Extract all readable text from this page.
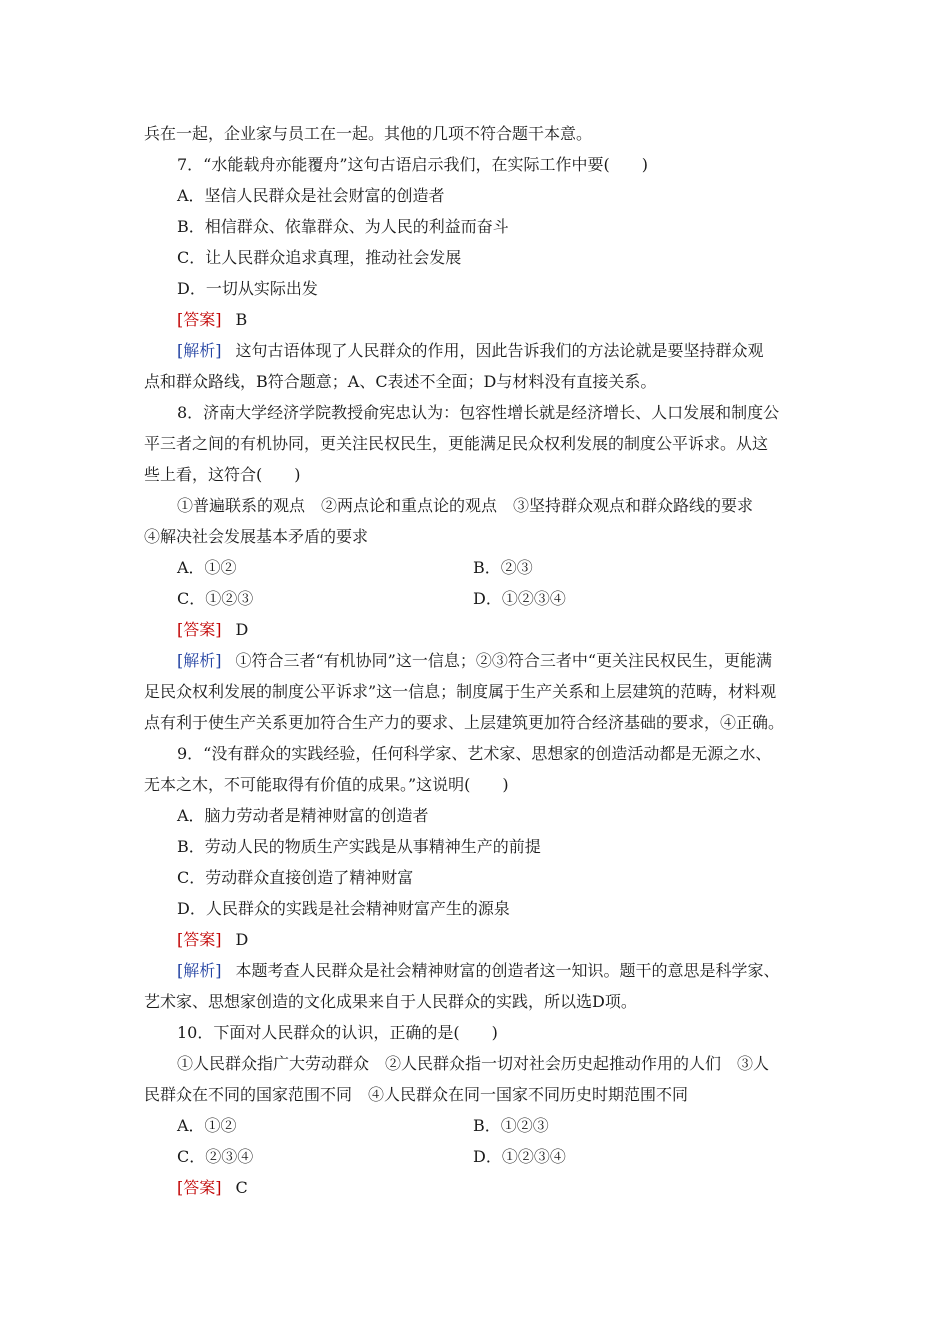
兵在一起，企业家与员工在一起。其他的几项不符合题干本意。
7．“水能载舟亦能覆舟”这句古语启示我们，在实际工作中要(　　)
A．坚信人民群众是社会财富的创造者
B．相信群众、依靠群众、为人民的利益而奋斗
C．让人民群众追求真理，推动社会发展
D．一切从实际出发
[答案] B
[解析] 这句古语体现了人民群众的作用，因此告诉我们的方法论就是要坚持群众观
点和群众路线，B符合题意；A、C表述不全面；D与材料没有直接关系。
8．济南大学经济学院教授俞宪忠认为：包容性增长就是经济增长、人口发展和制度公
平三者之间的有机协同，更关注民权民生，更能满足民众权利发展的制度公平诉求。从这
些上看，这符合(　　)
①普遍联系的观点　②两点论和重点论的观点　③坚持群众观点和群众路线的要求
④解决社会发展基本矛盾的要求
A．①②	B．②③
C．①②③	D．①②③④
[答案] D
[解析] ①符合三者“有机协同”这一信息；②③符合三者中“更关注民权民生，更能满
足民众权利发展的制度公平诉求”这一信息；制度属于生产关系和上层建筑的范畴，材料观
点有利于使生产关系更加符合生产力的要求、上层建筑更加符合经济基础的要求，④正确。
9．“没有群众的实践经验，任何科学家、艺术家、思想家的创造活动都是无源之水、
无本之木，不可能取得有价值的成果。”这说明(　　)
A．脑力劳动者是精神财富的创造者
B．劳动人民的物质生产实践是从事精神生产的前提
C．劳动群众直接创造了精神财富
D．人民群众的实践是社会精神财富产生的源泉
[答案] D
[解析] 本题考查人民群众是社会精神财富的创造者这一知识。题干的意思是科学家、
艺术家、思想家创造的文化成果来自于人民群众的实践，所以选D项。
10．下面对人民群众的认识，正确的是(　　)
①人民群众指广大劳动群众　②人民群众指一切对社会历史起推动作用的人们　③人
民群众在不同的国家范围不同　④人民群众在同一国家不同历史时期范围不同
A．①②	B．①②③
C．②③④	D．①②③④
[答案] C
